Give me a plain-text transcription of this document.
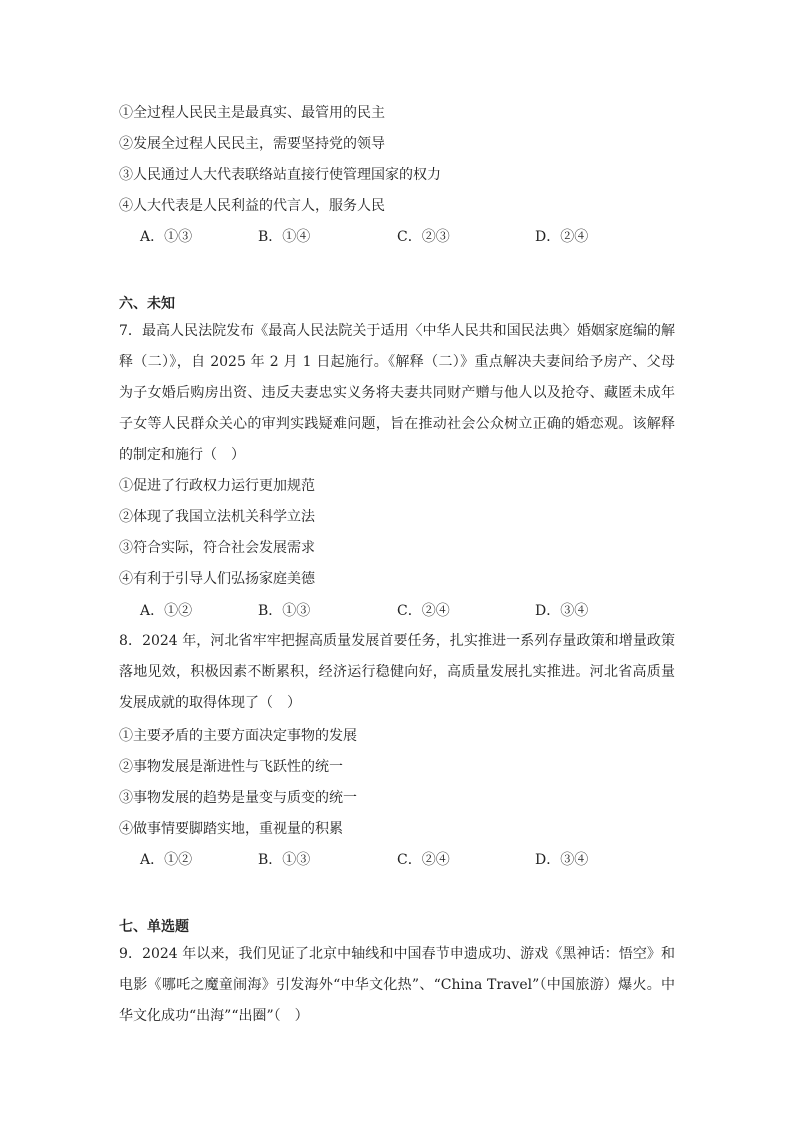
①全过程人民民主是最真实、最管用的民主
②发展全过程人民民主，需要坚持党的领导
③人民通过人大代表联络站直接行使管理国家的权力
④人大代表是人民利益的代言人，服务人民
A．①③	B．①④	C．②③	D．②④
六、未知
7．最高人民法院发布《最高人民法院关于适用〈中华人民共和国民法典〉婚姻家庭编的解释（二）》，自 2025 年 2 月 1 日起施行。《解释（二）》重点解决夫妻间给予房产、父母为子女婚后购房出资、违反夫妻忠实义务将夫妻共同财产赠与他人以及抢夺、藏匿未成年子女等人民群众关心的审判实践疑难问题，旨在推动社会公众树立正确的婚恋观。该解释的制定和施行（　）
①促进了行政权力运行更加规范
②体现了我国立法机关科学立法
③符合实际，符合社会发展需求
④有利于引导人们弘扬家庭美德
A．①②	B．①③	C．②④	D．③④
8．2024 年，河北省牢牢把握高质量发展首要任务，扎实推进一系列存量政策和增量政策落地见效，积极因素不断累积，经济运行稳健向好，高质量发展扎实推进。河北省高质量发展成就的取得体现了（　）
①主要矛盾的主要方面决定事物的发展
②事物发展是渐进性与飞跃性的统一
③事物发展的趋势是量变与质变的统一
④做事情要脚踏实地，重视量的积累
A．①②	B．①③	C．②④	D．③④
七、单选题
9．2024 年以来，我们见证了北京中轴线和中国春节申遗成功、游戏《黑神话：悟空》和电影《哪吒之魔童闹海》引发海外“中华文化热”、“China Travel”（中国旅游）爆火。中华文化成功“出海”“出圈”（　）
